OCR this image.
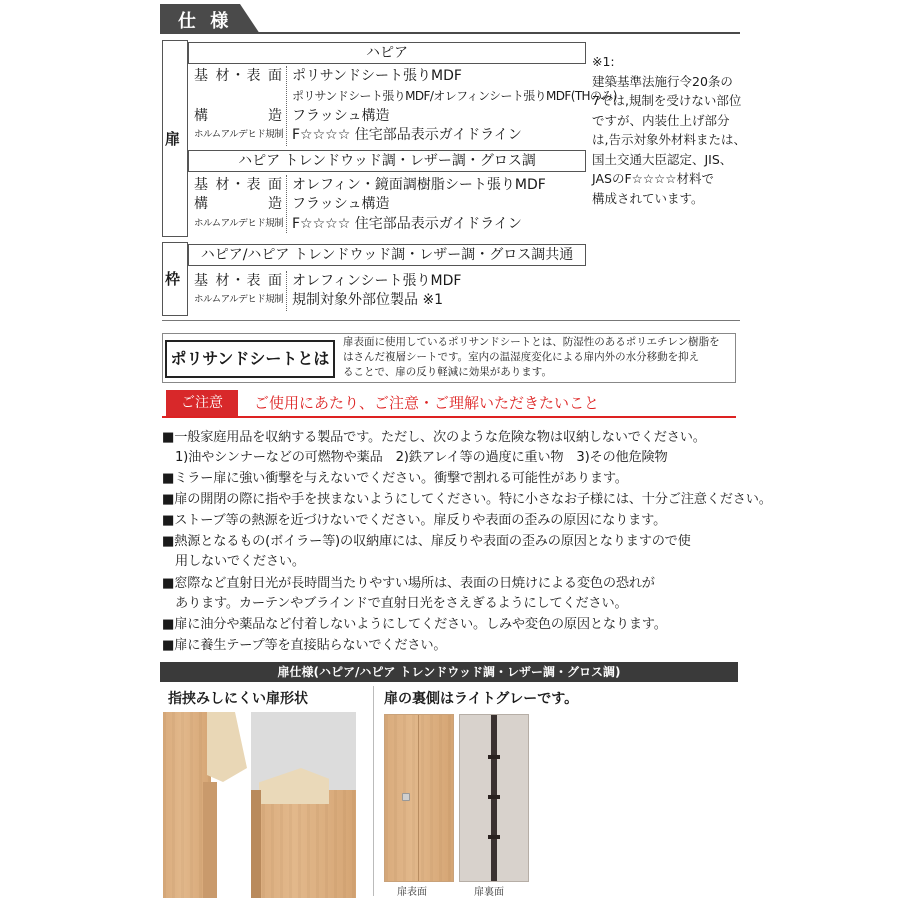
仕 様
扉
ハピア
基 材・表 面 ポリサンドシート張りMDF
ポリサンドシート張りMDF/オレフィンシート張りMDF(THのみ)
構 造 フラッシュ構造
ホルムアルデヒド規制 F☆☆☆☆ 住宅部品表示ガイドライン
ハピア トレンドウッド調・レザー調・グロス調
基 材・表 面 オレフィン・鏡面調樹脂シート張りMDF
構 造 フラッシュ構造
ホルムアルデヒド規制 F☆☆☆☆ 住宅部品表示ガイドライン
枠
ハピア/ハピア トレンドウッド調・レザー調・グロス調共通
基 材・表 面 オレフィンシート張りMDF
ホルムアルデヒド規制 規制対象外部位製品 ※1
※1:
建築基準法施行令20条の
7では,規制を受けない部位
ですが、内装仕上げ部分
は,告示対象外材料または、
国土交通大臣認定、JIS、
JASのF☆☆☆☆材料で
構成されています。
ポリサンドシートとは
扉表面に使用しているポリサンドシートとは、防湿性のあるポリエチレン樹脂を
はさんだ複層シートです。室内の温湿度変化による扉内外の水分移動を抑え
ることで、扉の反り軽減に効果があります。
ご注意	ご使用にあたり、ご注意・ご理解いただきたいこと
■一般家庭用品を収納する製品です。ただし、次のような危険な物は収納しないでください。
　1)油やシンナーなどの可燃物や薬品　2)鉄アレイ等の過度に重い物　3)その他危険物
■ミラー扉に強い衝撃を与えないでください。衝撃で割れる可能性があります。
■扉の開閉の際に指や手を挟まないようにしてください。特に小さなお子様には、十分ご注意ください。
■ストーブ等の熱源を近づけないでください。扉反りや表面の歪みの原因になります。
■熱源となるもの(ボイラー等)の収納庫には、扉反りや表面の歪みの原因となりますので使
　用しないでください。
■窓際など直射日光が長時間当たりやすい場所は、表面の日焼けによる変色の恐れが
　あります。カーテンやブラインドで直射日光をさえぎるようにしてください。
■扉に油分や薬品など付着しないようにしてください。しみや変色の原因となります。
■扉に養生テープ等を直接貼らないでください。
扉仕様(ハピア/ハピア トレンドウッド調・レザー調・グロス調)
指挟みしにくい扉形状	扉の裏側はライトグレーです。
扉表面	扉裏面
